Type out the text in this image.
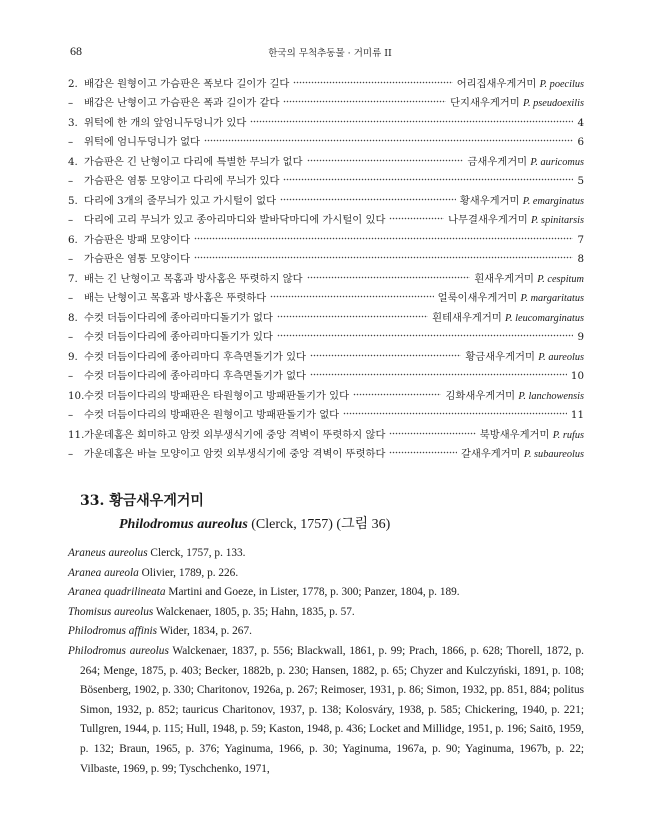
68	한국의 무척추동물 · 거미류 II
2. 배갑은 원형이고 가슴판은 폭보다 길이가 길다	어리집새우게거미 P. poecilus
–	배갑은 난형이고 가슴판은 폭과 길이가 같다	단지새우게거미 P. pseudoexilis
3. 위턱에 한 개의 앞엄니두덩니가 있다	4
–	위턱에 엄니두덩니가 없다	6
4. 가슴판은 긴 난형이고 다리에 특별한 무늬가 없다	금새우게거미 P. auricomus
–	가슴판은 염통 모양이고 다리에 무늬가 있다	5
5. 다리에 3개의 줄무늬가 있고 가시털이 없다	황새우게거미 P. emarginatus
–	다리에 고리 무늬가 있고 종아리마디와 발바닥마디에 가시털이 있다	나무결새우게거미 P. spinitarsis
6. 가슴판은 방패 모양이다	7
–	가슴판은 염통 모양이다	8
7. 배는 긴 난형이고 목홈과 방사홈은 뚜렷하지 않다	흰새우게거미 P. cespitum
–	배는 난형이고 목홈과 방사홈은 뚜렷하다	얼룩이새우게거미 P. margaritatus
8. 수컷 더듬이다리에 종아리마디돌기가 없다	흰테새우게거미 P. leucomarginatus
–	수컷 더듬이다리에 종아리마디돌기가 있다	9
9. 수컷 더듬이다리에 종아리마디 후측면돌기가 있다	황금새우게거미 P. aureolus
–	수컷 더듬이다리에 종아리마디 후측면돌기가 없다	10
10. 수컷 더듬이다리의 방패판은 타원형이고 방패판돌기가 있다	김화새우게거미 P. lanchowensis
–	수컷 더듬이다리의 방패판은 원형이고 방패판돌기가 없다	11
11. 가운데홈은 희미하고 암컷 외부생식기에 중앙 격벽이 뚜렷하지 않다	북방새우게거미 P. rufus
–	가운데홈은 바늘 모양이고 암컷 외부생식기에 중앙 격벽이 뚜렷하다	갈새우게거미 P. subaureolus
33. 황금새우게거미
Philodromus aureolus (Clerck, 1757) (그림 36)

Araneus aureolus Clerck, 1757, p. 133.

Aranea aureola Olivier, 1789, p. 226.

Aranea quadrilineata Martini and Goeze, in Lister, 1778, p. 300; Panzer, 1804, p. 189.

Thomisus aureolus Walckenaer, 1805, p. 35; Hahn, 1835, p. 57.

Philodromus affinis Wider, 1834, p. 267.

Philodromus aureolus Walckenaer, 1837, p. 556; Blackwall, 1861, p. 99; Prach, 1866, p. 628; Thorell, 1872, p. 264; Menge, 1875, p. 403; Becker, 1882b, p. 230; Hansen, 1882, p. 65; Chyzer and Kulczyński, 1891, p. 108; Bösenberg, 1902, p. 330; Charitonov, 1926a, p. 267; Reimoser, 1931, p. 86; Simon, 1932, pp. 851, 884; politus Simon, 1932, p. 852; tauricus Charitonov, 1937, p. 138; Kolosváry, 1938, p. 585; Chickering, 1940, p. 221; Tullgren, 1944, p. 115; Hull, 1948, p. 59; Kaston, 1948, p. 436; Locket and Millidge, 1951, p. 196; Saitō, 1959, p. 132; Braun, 1965, p. 376; Yaginuma, 1966, p. 30; Yaginuma, 1967a, p. 90; Yaginuma, 1967b, p. 22; Vilbaste, 1969, p. 99; Tyschchenko, 1971,
